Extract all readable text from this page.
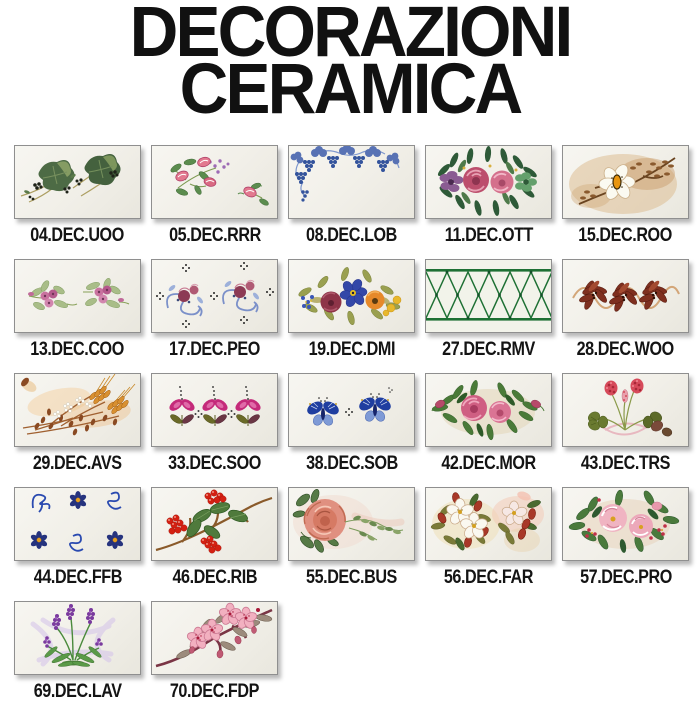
DECORAZIONI
CERAMICA
04.DEC.UOO 05.DEC.RRR 08.DEC.LOB 11.DEC.OTT 15.DEC.ROO
13.DEC.COO 17.DEC.PEO	19.DEC.DMI 27.DEC.RMV 28.DEC.WOO
29.DEC.AVS 33.DEC.SOO 38.DEC.SOB 42.DEC.MOR 43.DEC.TRS
44.DEC.FFB	46.DEC.RIB	55.DEC.BUS 56.DEC.FAR 57.DEC.PRO
69.DEC.LAV	70.DEC.FDP
